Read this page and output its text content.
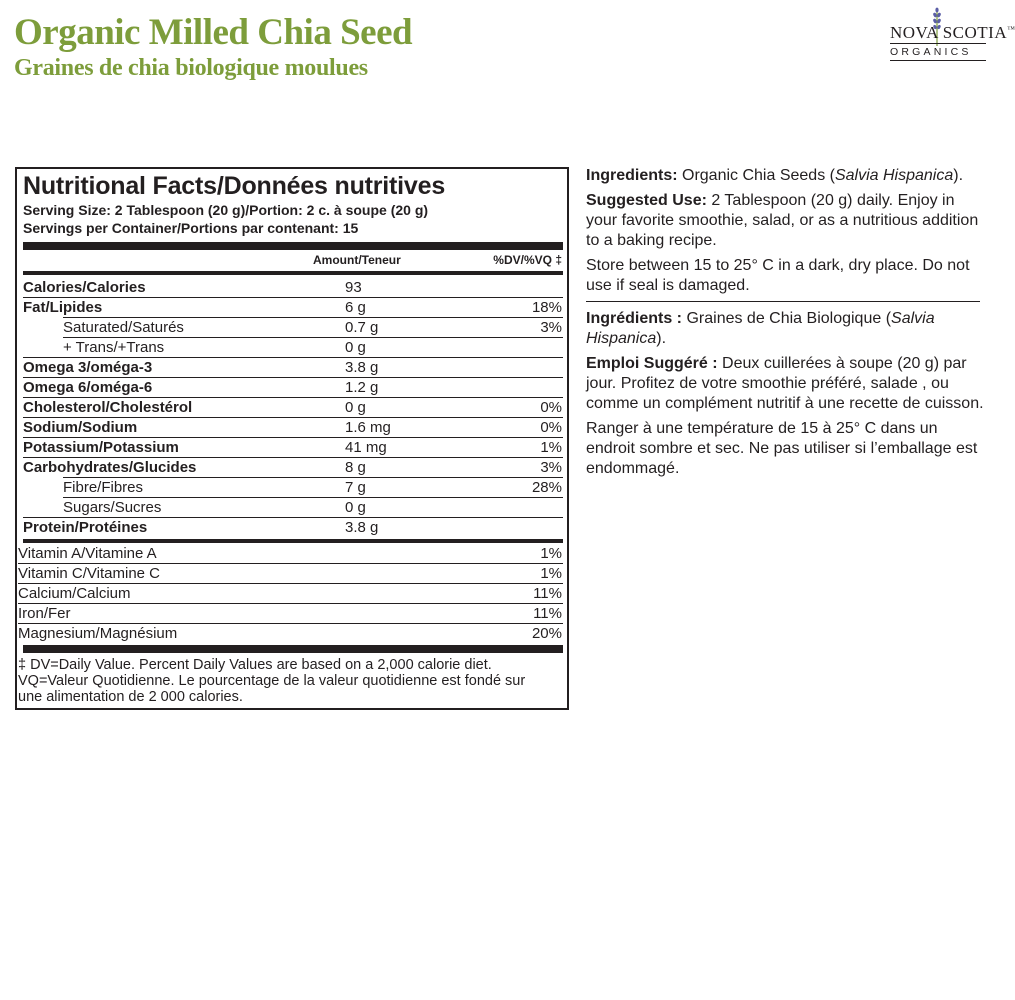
Organic Milled Chia Seed
Graines de chia biologique moulues
NOVA SCOTIA™
ORGANICS
Nutritional Facts/Données nutritives
Serving Size: 2 Tablespoon (20 g)/Portion: 2 c. à soupe (20 g)
Servings per Container/Portions par contenant: 15
Amount/Teneur	%DV/%VQ ‡
Calories/Calories	93
Fat/Lipides	6 g	18%
Saturated/Saturés	0.7 g	3%
+ Trans/+Trans	0 g
Omega 3/oméga-3	3.8 g
Omega 6/oméga-6	1.2 g
Cholesterol/Cholestérol	0 g	0%
Sodium/Sodium	1.6 mg	0%
Potassium/Potassium	41 mg	1%
Carbohydrates/Glucides	8 g	3%
Fibre/Fibres	7 g	28%
Sugars/Sucres	0 g
Protein/Protéines	3.8 g
Vitamin A/Vitamine A	1%
Vitamin C/Vitamine C	1%
Calcium/Calcium	11%
Iron/Fer	11%
Magnesium/Magnésium	20%
‡ DV=Daily Value. Percent Daily Values are based on a 2,000 calorie diet.
VQ=Valeur Quotidienne. Le pourcentage de la valeur quotidienne est fondé sur
une alimentation de 2 000 calories.

Ingredients: Organic Chia Seeds (Salvia Hispanica).

Suggested Use: 2 Tablespoon (20 g) daily. Enjoy in your favorite smoothie, salad, or as a nutritious addition to a baking recipe.

Store between 15 to 25° C in a dark, dry place. Do not use if seal is damaged.

Ingrédients : Graines de Chia Biologique (Salvia Hispanica).

Emploi Suggéré : Deux cuillerées à soupe (20 g) par jour. Profitez de votre smoothie préféré, salade , ou comme un complément nutritif à une recette de cuisson.

Ranger à une température de 15 à 25° C dans un endroit sombre et sec. Ne pas utiliser si l’emballage est endommagé.
